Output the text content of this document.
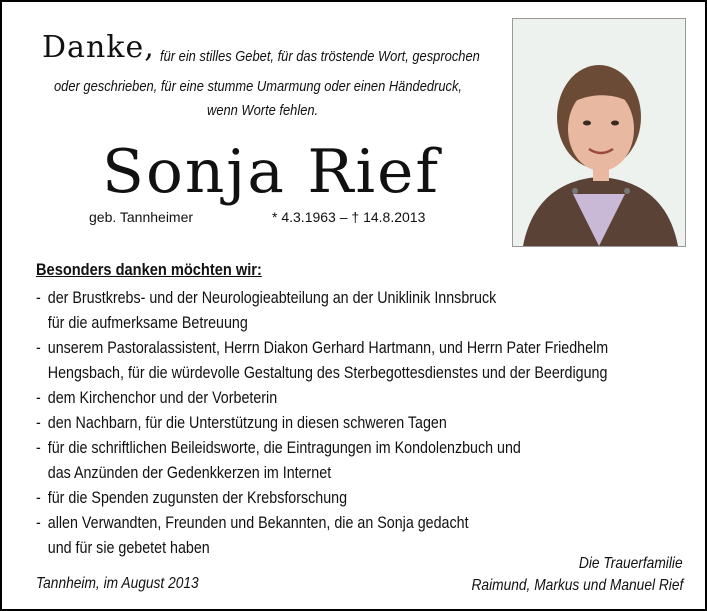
Danke, für ein stilles Gebet, für das tröstende Wort, gesprochen
oder geschrieben, für eine stumme Umarmung oder einen Händedruck,
wenn Worte fehlen.
Sonja Rief
geb. Tannheimer	* 4.3.1963 – † 14.8.2013
Besonders danken möchten wir:
- der Brustkrebs- und der Neurologieabteilung an der Uniklinik Innsbruck
für die aufmerksame Betreuung
- unserem Pastoralassistent, Herrn Diakon Gerhard Hartmann, und Herrn Pater Friedhelm
Hengsbach, für die würdevolle Gestaltung des Sterbegottesdienstes und der Beerdigung
- dem Kirchenchor und der Vorbeterin
- den Nachbarn, für die Unterstützung in diesen schweren Tagen
- für die schriftlichen Beileidsworte, die Eintragungen im Kondolenzbuch und
das Anzünden der Gedenkkerzen im Internet
- für die Spenden zugunsten der Krebsforschung
- allen Verwandten, Freunden und Bekannten, die an Sonja gedacht
und für sie gebetet haben
Tannheim, im August 2013
Die Trauerfamilie
Raimund, Markus und Manuel Rief
